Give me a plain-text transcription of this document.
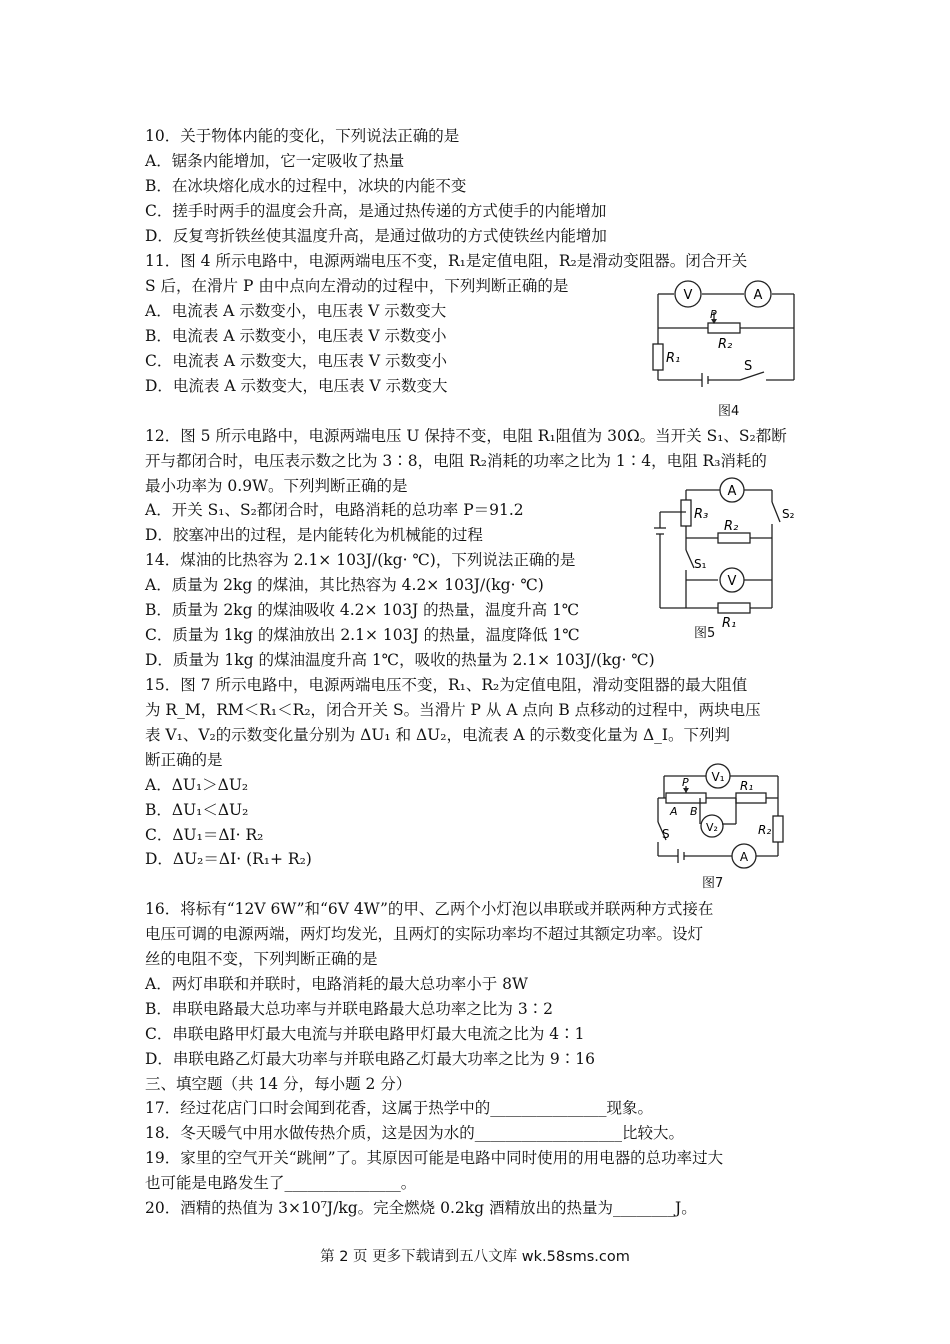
10．关于物体内能的变化，下列说法正确的是
A．锯条内能增加，它一定吸收了热量
B．在冰块熔化成水的过程中，冰块的内能不变
C．搓手时两手的温度会升高，是通过热传递的方式使手的内能增加
D．反复弯折铁丝使其温度升高，是通过做功的方式使铁丝内能增加
11．图 4 所示电路中，电源两端电压不变，R₁是定值电阻，R₂是滑动变阻器。闭合开关
S 后，在滑片 P 由中点向左滑动的过程中，下列判断正确的是
A．电流表 A 示数变小，电压表 V 示数变大
B．电流表 A 示数变小，电压表 V 示数变小
C．电流表 A 示数变大，电压表 V 示数变小
D．电流表 A 示数变大，电压表 V 示数变大
12．图 5 所示电路中，电源两端电压 U 保持不变，电阻 R₁阻值为 30Ω。当开关 S₁、S₂都断
开与都闭合时，电压表示数之比为 3∶8，电阻 R₂消耗的功率之比为 1∶4，电阻 R₃消耗的
最小功率为 0.9W。下列判断正确的是
A．开关 S₁、S₂都闭合时，电路消耗的总功率 P＝91.2
D．胶塞冲出的过程，是内能转化为机械能的过程
14．煤油的比热容为 2.1× 103J/(kg· ℃)，下列说法正确的是
A．质量为 2kg 的煤油，其比热容为 4.2× 103J/(kg· ℃)
B．质量为 2kg 的煤油吸收 4.2× 103J 的热量，温度升高 1℃
C．质量为 1kg 的煤油放出 2.1× 103J 的热量，温度降低 1℃
D．质量为 1kg 的煤油温度升高 1℃，吸收的热量为 2.1× 103J/(kg· ℃)
15．图 7 所示电路中，电源两端电压不变，R₁、R₂为定值电阻，滑动变阻器的最大阻值
为 R_M，RM＜R₁＜R₂，闭合开关 S。当滑片 P 从 A 点向 B 点移动的过程中，两块电压
表 V₁、V₂的示数变化量分别为 ΔU₁ 和 ΔU₂，电流表 A 的示数变化量为 Δ_I。下列判
断正确的是
A．ΔU₁＞ΔU₂
B．ΔU₁＜ΔU₂
C．ΔU₁＝ΔI· R₂
D．ΔU₂＝ΔI· (R₁+ R₂)
16．将标有“12V 6W”和“6V 4W”的甲、乙两个小灯泡以串联或并联两种方式接在
电压可调的电源两端，两灯均发光，且两灯的实际功率均不超过其额定功率。设灯
丝的电阻不变，下列判断正确的是
A．两灯串联和并联时，电路消耗的最大总功率小于 8W
B．串联电路最大总功率与并联电路最大总功率之比为 3∶2
C．串联电路甲灯最大电流与并联电路甲灯最大电流之比为 4∶1
D．串联电路乙灯最大功率与并联电路乙灯最大功率之比为 9∶16
三、填空题（共 14 分，每小题 2 分）
17．经过花店门口时会闻到花香，这属于热学中的_______________现象。
18．冬天暖气中用水做传热介质，这是因为水的___________________比较大。
19．家里的空气开关“跳闸”了。其原因可能是电路中同时使用的用电器的总功率过大
也可能是电路发生了_______________。
20．酒精的热值为 3×10⁷J/kg。完全燃烧 0.2kg 酒精放出的热量为________J。
V	A
P
R₂
R₁
S
图4
A
V
R₃
R₂
R₁
S₁
S₂
图5
V₁
V₂
A
P
A B
R₁
R₂
S
图7
第 2 页 更多下载请到五八文库 wk.58sms.com
